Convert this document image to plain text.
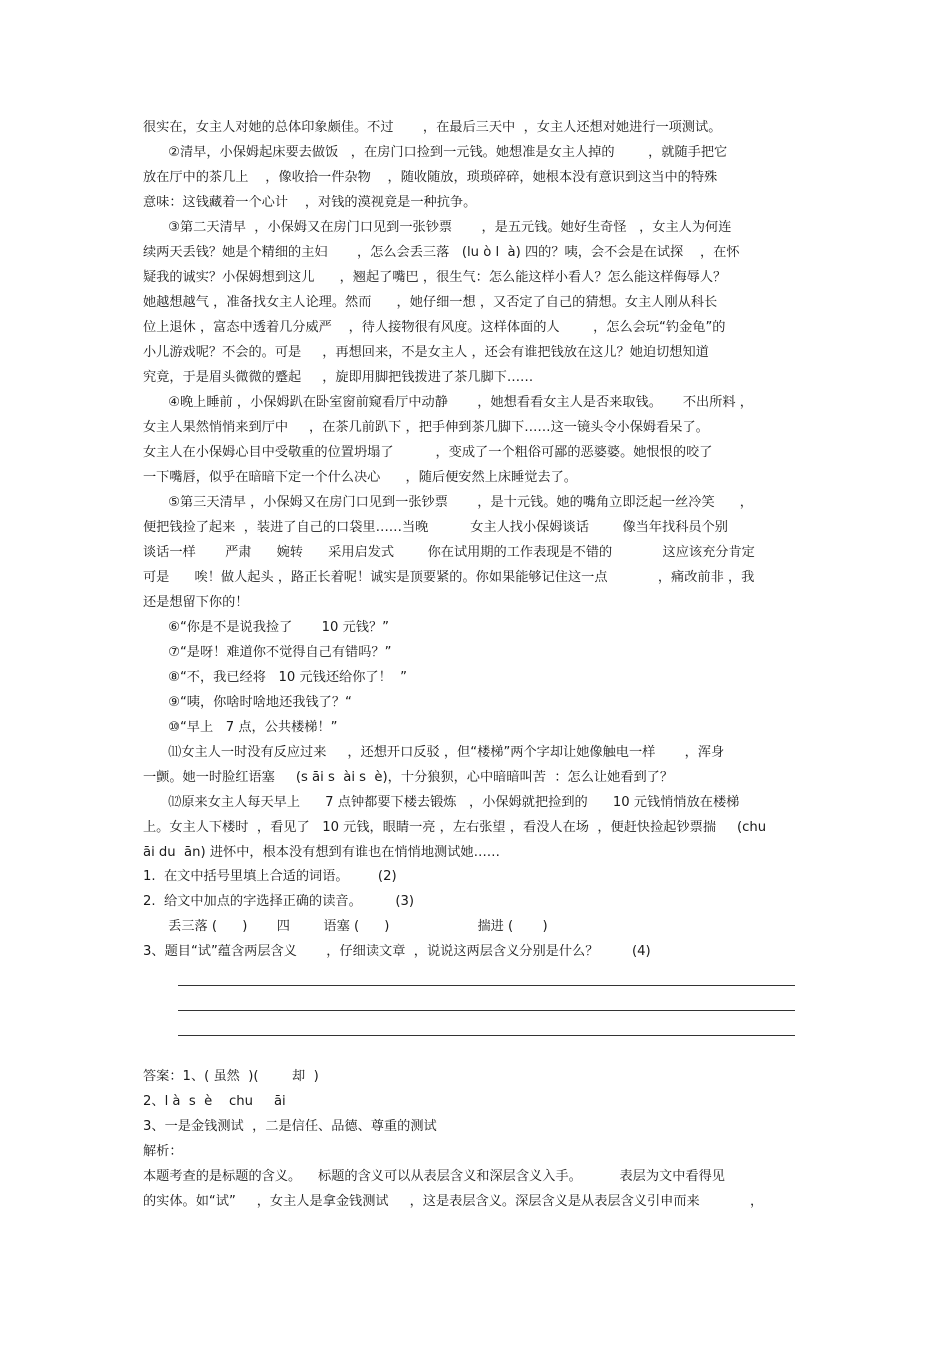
很实在，女主人对她的总体印象颇佳。不过       ，在最后三天中  ，女主人还想对她进行一项测试。
②清早，小保姆起床要去做饭   ，在房门口捡到一元钱。她想准是女主人掉的        ，就随手把它
放在厅中的茶几上    ，像收拾一件杂物    ，随收随放，琐琐碎碎，她根本没有意识到这当中的特殊
意味：这钱藏着一个心计    ，对钱的漠视竟是一种抗争。
③第二天清早  ，小保姆又在房门口见到一张钞票       ，是五元钱。她好生奇怪   ，女主人为何连
续两天丢钱？她是个精细的主妇       ，怎么会丢三落   (lu ò l  à) 四的？咦，会不会是在试探    ，在怀
疑我的诚实？小保姆想到这儿      ，翘起了嘴巴 ，很生气：怎么能这样小看人？怎么能这样侮辱人？
她越想越气 ，准备找女主人论理。然而      ，她仔细一想 ，又否定了自己的猜想。女主人刚从科长
位上退休 ，富态中透着几分威严    ，待人接物很有风度。这样体面的人        ，怎么会玩“钓金龟”的
小儿游戏呢？不会的。可是     ，再想回来，不是女主人 ，还会有谁把钱放在这儿？她迫切想知道
究竟，于是眉头微微的蹙起     ，旋即用脚把钱拨进了茶几脚下……
④晚上睡前 ，小保姆趴在卧室窗前窥看厅中动静       ，她想看看女主人是否来取钱。     不出所料 ，
女主人果然悄悄来到厅中     ，在茶几前趴下 ，把手伸到茶几脚下……这一镜头令小保姆看呆了。
女主人在小保姆心目中受敬重的位置坍塌了          ，变成了一个粗俗可鄙的恶婆婆。她恨恨的咬了
一下嘴唇，似乎在暗暗下定一个什么决心      ，随后便安然上床睡觉去了。
⑤第三天清早 ，小保姆又在房门口见到一张钞票       ，是十元钱。她的嘴角立即泛起一丝冷笑      ，
便把钱捡了起来  ，装进了自己的口袋里……当晚          女主人找小保姆谈话        像当年找科员个别
谈话一样       严肃      婉转      采用启发式        你在试用期的工作表现是不错的            这应该充分肯定
可是      唉！做人起头 ，路正长着呢！诚实是顶要紧的。你如果能够记住这一点            ，痛改前非 ，我
还是想留下你的！
⑥“你是不是说我捡了       10 元钱？”
⑦“是呀！难道你不觉得自己有错吗？”
⑧“不，我已经将   10 元钱还给你了！  ”
⑨“咦，你啥时啥地还我钱了？“
⑩“早上   7 点，公共楼梯！”
⑾女主人一时没有反应过来     ，还想开口反驳 ，但“楼梯”两个字却让她像触电一样       ，浑身
一颤。她一时脸红语塞     (s āi s  ài s  è)，十分狼狈，心中暗暗叫苦  ：怎么让她看到了？
⑿原来女主人每天早上      7 点钟都要下楼去锻炼   ，小保姆就把捡到的      10 元钱悄悄放在楼梯
上。女主人下楼时  ，看见了   10 元钱，眼睛一亮 ，左右张望 ，看没人在场  ，便赶快捡起钞票揣     (chu
āi du  ān) 进怀中，根本没有想到有谁也在悄悄地测试她……
1.  在文中括号里填上合适的词语。       (2)
2.  给文中加点的字选择正确的读音。        (3)
丢三落 (      )       四        语塞 (      )                     揣进 (       )
3、题目“试”蕴含两层含义       ，仔细读文章  ，说说这两层含义分别是什么？        (4)
答案：1、( 虽然  )(        却  )
2、l à  s  è    chu     āi
3、一是金钱测试  ，二是信任、品德、尊重的测试
解析：
本题考查的是标题的含义。    标题的含义可以从表层含义和深层含义入手。         表层为文中看得见
的实体。如“试”     ，女主人是拿金钱测试     ，这是表层含义。深层含义是从表层含义引申而来            ，
